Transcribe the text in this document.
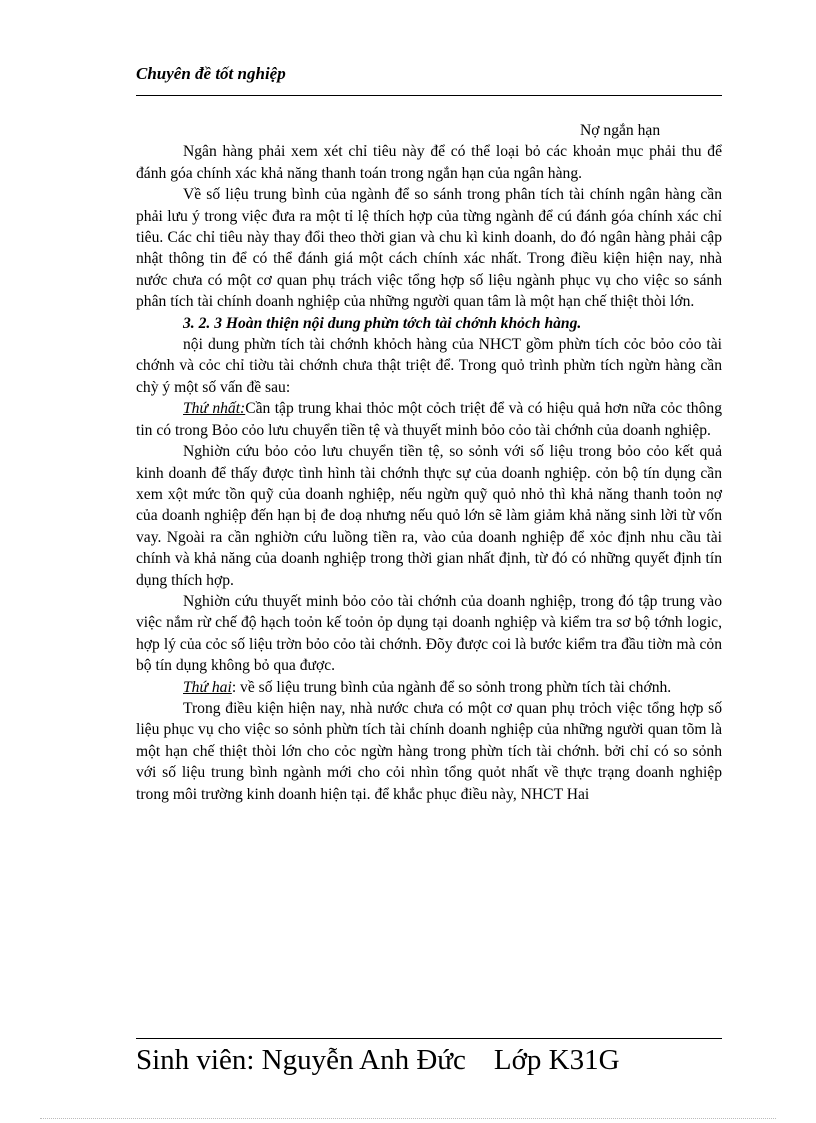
Chuyên đề tốt nghiệp

Nợ ngắn hạn

Ngân hàng phải xem xét chỉ tiêu này để có thể loại bỏ các khoản mục phải thu để đánh góa chính xác khả năng thanh toán trong ngắn hạn của ngân hàng.

Về số liệu trung bình của ngành để so sánh trong phân tích tài chính ngân hàng cần phải lưu ý trong việc đưa ra một tỉ lệ thích hợp của từng ngành để cú đánh góa chính xác chỉ tiêu. Các chỉ tiêu này thay đổi theo thời gian và chu kì kinh doanh, do đó ngân hàng phải cập nhật thông tin để có thể đánh giá một cách chính xác nhất. Trong điều kiện hiện nay, nhà nước chưa có một cơ quan phụ trách việc tổng hợp số liệu ngành phục vụ cho việc so sánh phân tích tài chính doanh nghiệp của những người quan tâm là một hạn chế thiệt thòi lớn.

3. 2. 3 Hoàn thiện nội dung phừn tớch tài chớnh khỏch hàng.

nội dung phừn tích tài chớnh khỏch hàng của NHCT gồm phừn tích cỏc bỏo cỏo tài chớnh và cỏc chỉ tiờu tài chớnh chưa thật triệt để. Trong quỏ trình phừn tích ngừn hàng cần chỳ ý một số vấn đề sau:

Thứ nhất:Cần tập trung khai thỏc một cỏch triệt để và có hiệu quả hơn nữa cỏc thông tin có trong Bỏo cỏo lưu chuyển tiền tệ và thuyết minh bỏo cỏo tài chớnh của doanh nghiệp.

Nghiờn cứu bỏo cỏo lưu chuyển tiền tệ, so sỏnh với số liệu trong bỏo cỏo kết quả kinh doanh để thấy được tình hình tài chớnh thực sự của doanh nghiệp. cỏn bộ tín dụng cần xem xột mức tồn quỹ của doanh nghiệp, nếu ngừn quỹ quỏ nhỏ thì khả năng thanh toỏn nợ của doanh nghiệp đến hạn bị đe doạ nhưng nếu quỏ lớn sẽ làm giảm khả năng sinh lời từ vốn vay. Ngoài ra cần nghiờn cứu luồng tiền ra, vào của doanh nghiệp để xỏc định nhu cầu tài chính và khả năng của doanh nghiệp trong thời gian nhất định, từ đó có những quyết định tín dụng thích hợp.

Nghiờn cứu thuyết minh bỏo cỏo tài chớnh của doanh nghiệp, trong đó tập trung vào việc nắm rừ chế độ hạch toỏn kế toỏn ỏp dụng tại doanh nghiệp và kiểm tra sơ bộ tớnh logic, hợp lý của cỏc số liệu trờn bỏo cỏo tài chớnh. Đõy được coi là bước kiểm tra đầu tiờn mà cỏn bộ tín dụng không bỏ qua được.

Thứ hai: về số liệu trung bình của ngành để so sỏnh trong phừn tích tài chớnh.

Trong điều kiện hiện nay, nhà nước chưa có một cơ quan phụ trỏch việc tổng hợp số liệu phục vụ cho việc so sỏnh phừn tích tài chính doanh nghiệp của những người quan tõm là một hạn chế thiệt thòi lớn cho cỏc ngừn hàng trong phừn tích tài chớnh. bởi chỉ có so sỏnh với số liệu trung bình ngành mới cho cỏi nhìn tổng quỏt nhất về thực trạng doanh nghiệp trong môi trường kinh doanh hiện tại. để khắc phục điều này, NHCT Hai

Sinh viên: Nguyễn Anh Đức Lớp K31G
